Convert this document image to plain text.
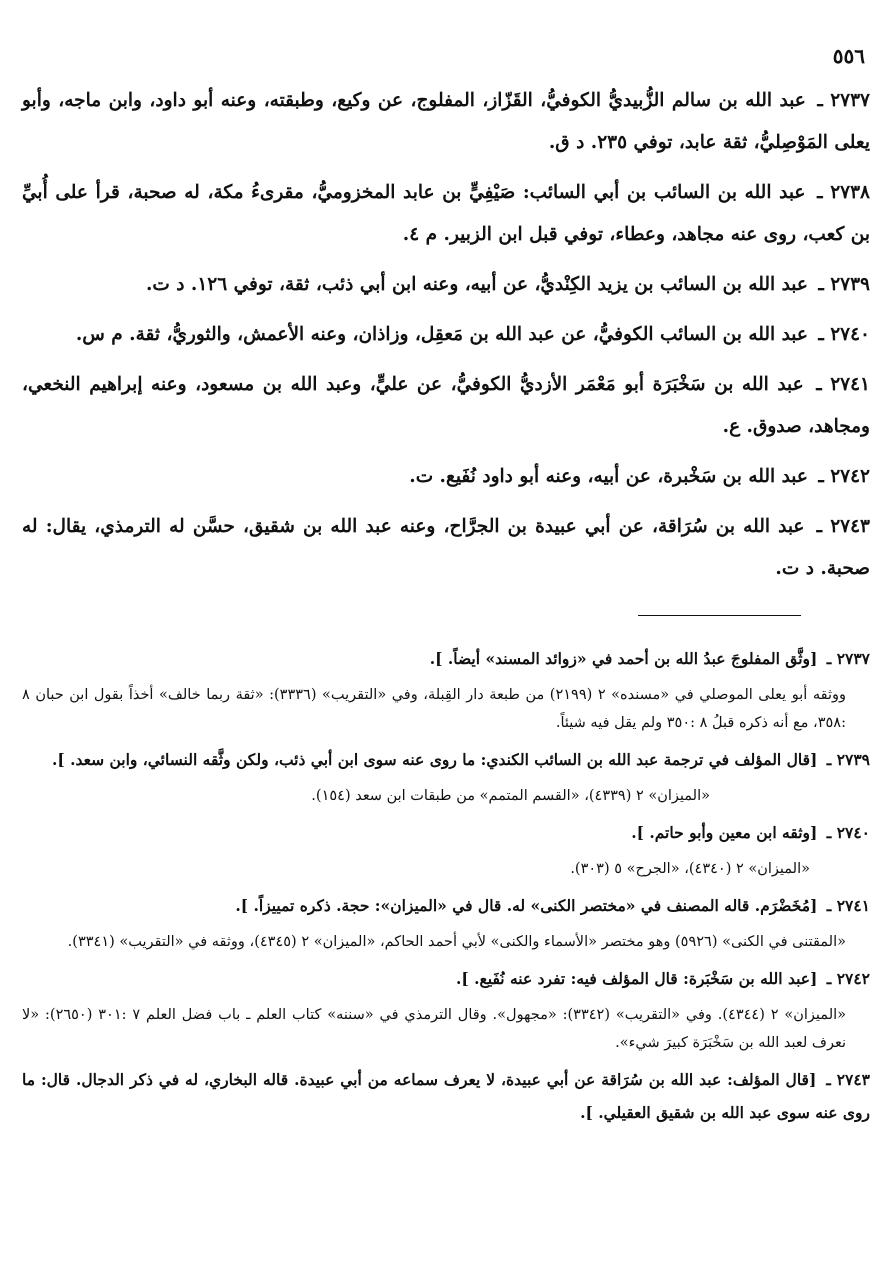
٥٥٦

٢٧٣٧ ـ عبد الله بن سالم الزُّبيديُّ الكوفيُّ، القَزّاز، المفلوج، عن وكيع، وطبقته، وعنه أبو داود، وابن ماجه، وأبو يعلى المَوْصِليُّ، ثقة عابد، توفي ٢٣٥. د ق.

٢٧٣٨ ـ عبد الله بن السائب بن أبي السائب: صَيْفِيٍّ بن عابد المخزوميُّ، مقرىءُ مكة، له صحبة، قرأ على أُبيِّ بن كعب، روى عنه مجاهد، وعطاء، توفي قبل ابن الزبير. م ٤.

٢٧٣٩ ـ عبد الله بن السائب بن يزيد الكِنْديُّ، عن أبيه، وعنه ابن أبي ذئب، ثقة، توفي ١٢٦. د ت.

٢٧٤٠ ـ عبد الله بن السائب الكوفيُّ، عن عبد الله بن مَعقِل، وزاذان، وعنه الأعمش، والثوريُّ، ثقة. م س.

٢٧٤١ ـ عبد الله بن سَخْبَرَة أبو مَعْمَر الأزديُّ الكوفيُّ، عن عليٍّ، وعبد الله بن مسعود، وعنه إبراهيم النخعي، ومجاهد، صدوق. ع.

٢٧٤٢ ـ عبد الله بن سَخْبرة، عن أبيه، وعنه أبو داود نُفَيع. ت.

٢٧٤٣ ـ عبد الله بن سُرَاقة، عن أبي عبيدة بن الجرَّاح، وعنه عبد الله بن شقيق، حسَّن له الترمذي، يقال: له صحبة. د ت.

٢٧٣٧ ـ [وثَّق المفلوجَ عبدُ الله بن أحمد في «زوائد المسند» أيضاً. ].

ووثقه أبو يعلى الموصلي في «مسنده» ٢ (٢١٩٩) من طبعة دار القِبلة، وفي «التقريب» (٣٣٣٦): «ثقة ربما خالف» أخذاً بقول ابن حبان ٨ :٣٥٨، مع أنه ذكره قبلُ ٨ :٣٥٠ ولم يقل فيه شيئاً.

٢٧٣٩ ـ [قال المؤلف في ترجمة عبد الله بن السائب الكندي: ما روى عنه سوى ابن أبي ذئب، ولكن وثَّقه النسائي، وابن سعد. ].

«الميزان» ٢ (٤٣٣٩)، «القسم المتمم» من طبقات ابن سعد (١٥٤).

٢٧٤٠ ـ [وثقه ابن معين وأبو حاتم. ].

«الميزان» ٢ (٤٣٤٠)، «الجرح» ٥ (٣٠٣).

٢٧٤١ ـ [مُخَضْرَم. قاله المصنف في «مختصر الكنى» له. قال في «الميزان»: حجة. ذكره تمييزاً. ].

«المقتنى في الكنى» (٥٩٢٦) وهو مختصر «الأسماء والكنى» لأبي أحمد الحاكم، «الميزان» ٢ (٤٣٤٥)، ووثقه في «التقريب» (٣٣٤١).

٢٧٤٢ ـ [عبد الله بن سَخْبَرة: قال المؤلف فيه: تفرد عنه نُفَيع. ].

«الميزان» ٢ (٤٣٤٤). وفي «التقريب» (٣٣٤٢): «مجهول». وقال الترمذي في «سننه» كتاب العلم ـ باب فضل العلم ٧ :٣٠١ (٢٦٥٠): «لا نعرف لعبد الله بن سَخْبَرَة كبيرَ شيء».

٢٧٤٣ ـ [قال المؤلف: عبد الله بن سُرَاقة عن أبي عبيدة، لا يعرف سماعه من أبي عبيدة. قاله البخاري، له في ذكر الدجال. قال: ما روى عنه سوى عبد الله بن شقيق العقيلي. ].
